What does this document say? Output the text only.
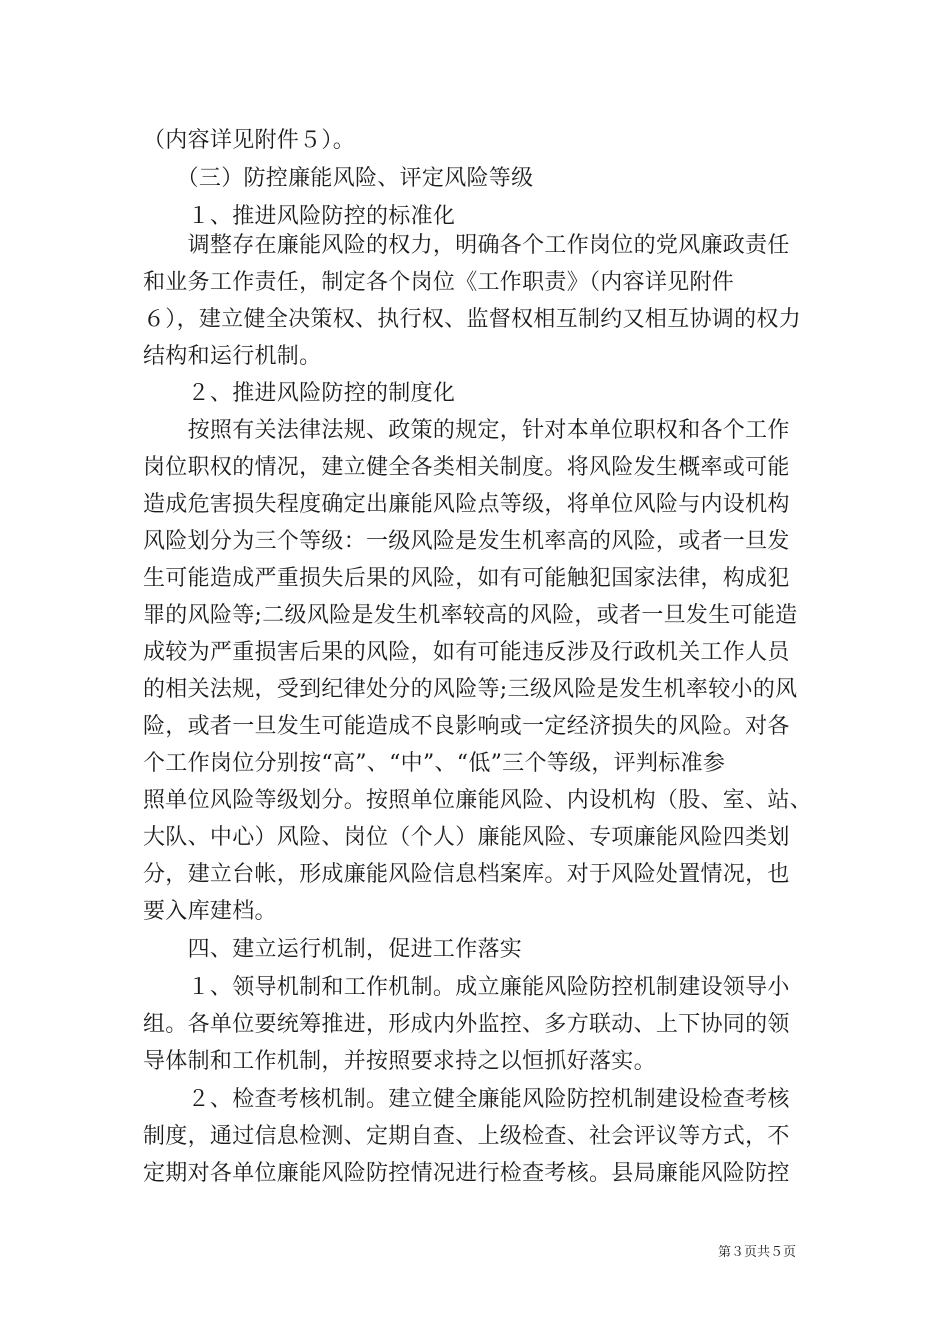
（内容详见附件５）。
　　（三）防控廉能风险、评定风险等级
　　１、推进风险防控的标准化
　　调整存在廉能风险的权力，明确各个工作岗位的党风廉政责任
和业务工作责任，制定各个岗位《工作职责》（内容详见附件
６），建立健全决策权、执行权、监督权相互制约又相互协调的权力
结构和运行机制。
　　２、推进风险防控的制度化
　　按照有关法律法规、政策的规定，针对本单位职权和各个工作
岗位职权的情况，建立健全各类相关制度。将风险发生概率或可能
造成危害损失程度确定出廉能风险点等级，将单位风险与内设机构
风险划分为三个等级：一级风险是发生机率高的风险，或者一旦发
生可能造成严重损失后果的风险，如有可能触犯国家法律，构成犯
罪的风险等;二级风险是发生机率较高的风险，或者一旦发生可能造
成较为严重损害后果的风险，如有可能违反涉及行政机关工作人员
的相关法规，受到纪律处分的风险等;三级风险是发生机率较小的风
险，或者一旦发生可能造成不良影响或一定经济损失的风险。对各
个工作岗位分别按“高”、“中”、“低”三个等级，评判标准参
照单位风险等级划分。按照单位廉能风险、内设机构（股、室、站、
大队、中心）风险、岗位（个人）廉能风险、专项廉能风险四类划
分，建立台帐，形成廉能风险信息档案库。对于风险处置情况，也
要入库建档。
　　四、建立运行机制，促进工作落实
　　１、领导机制和工作机制。成立廉能风险防控机制建设领导小
组。各单位要统筹推进，形成内外监控、多方联动、上下协同的领
导体制和工作机制，并按照要求持之以恒抓好落实。
　　２、检查考核机制。建立健全廉能风险防控机制建设检查考核
制度，通过信息检测、定期自查、上级检查、社会评议等方式，不
定期对各单位廉能风险防控情况进行检查考核。县局廉能风险防控
第３页共５页
